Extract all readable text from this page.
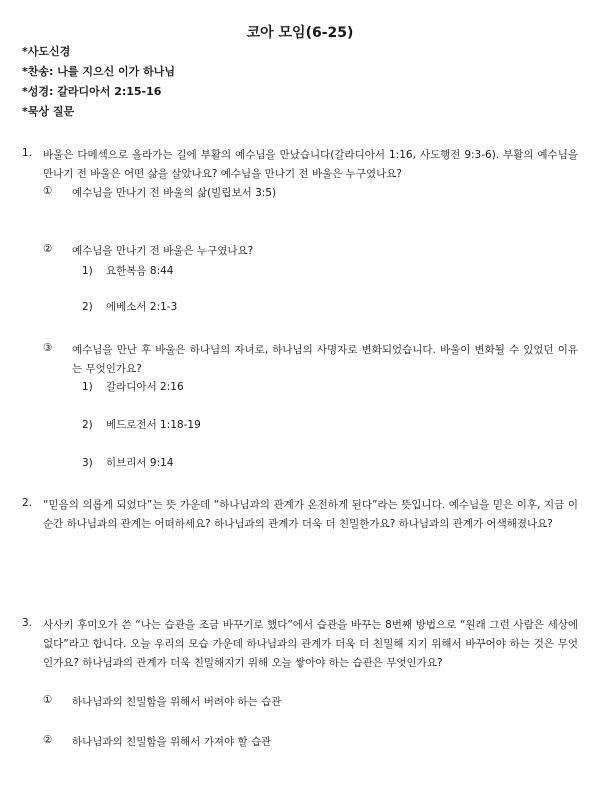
코아 모임(6-25)
*사도신경
*찬송: 나를 지으신 이가 하나님
*성경: 갈라디아서 2:15-16
*묵상 질문
1. 바울은 다메섹으로 올라가는 길에 부활의 예수님을 만났습니다(갈라디아서 1:16, 사도행전 9:3-6). 부활의 예수님을 만나기 전 바울은 어떤 삶을 살았나요? 예수님을 만나기 전 바울은 누구였나요?
① 예수님을 만나기 전 바울의 삶(빌립보서 3:5)
② 예수님을 만나기 전 바울은 누구였나요?
1) 요한복음 8:44
2) 에베소서 2:1-3
③ 예수님을 만난 후 바울은 하나님의 자녀로, 하나님의 사명자로 변화되었습니다. 바울이 변화될 수 있었던 이유는 무엇인가요?
1) 갈라디아서 2:16
2) 베드로전서 1:18-19
3) 히브리서 9:14
2. “믿음의 의롭게 되었다”는 뜻 가운데 “하나님과의 관계가 온전하게 된다”라는 뜻입니다. 예수님을 믿은 이후, 지금 이 순간 하나님과의 관계는 어떠하세요? 하나님과의 관계가 더욱 더 친밀한가요? 하나님과의 관계가 어색해졌나요?
3. 사사키 후미오가 쓴 “나는 습관을 조금 바꾸기로 했다”에서 습관을 바꾸는 8번째 방법으로 “원래 그런 사람은 세상에 없다”라고 합니다. 오늘 우리의 모습 가운데 하나님과의 관계가 더욱 더 친밀해 지기 위해서 바꾸어야 하는 것은 무엇인가요? 하나님과의 관계가 더욱 친밀해지기 위해 오늘 쌓아야 하는 습관은 무엇인가요?
① 하나님과의 친밀함을 위해서 버려야 하는 습관
② 하나님과의 친밀함을 위해서 가져야 할 습관
